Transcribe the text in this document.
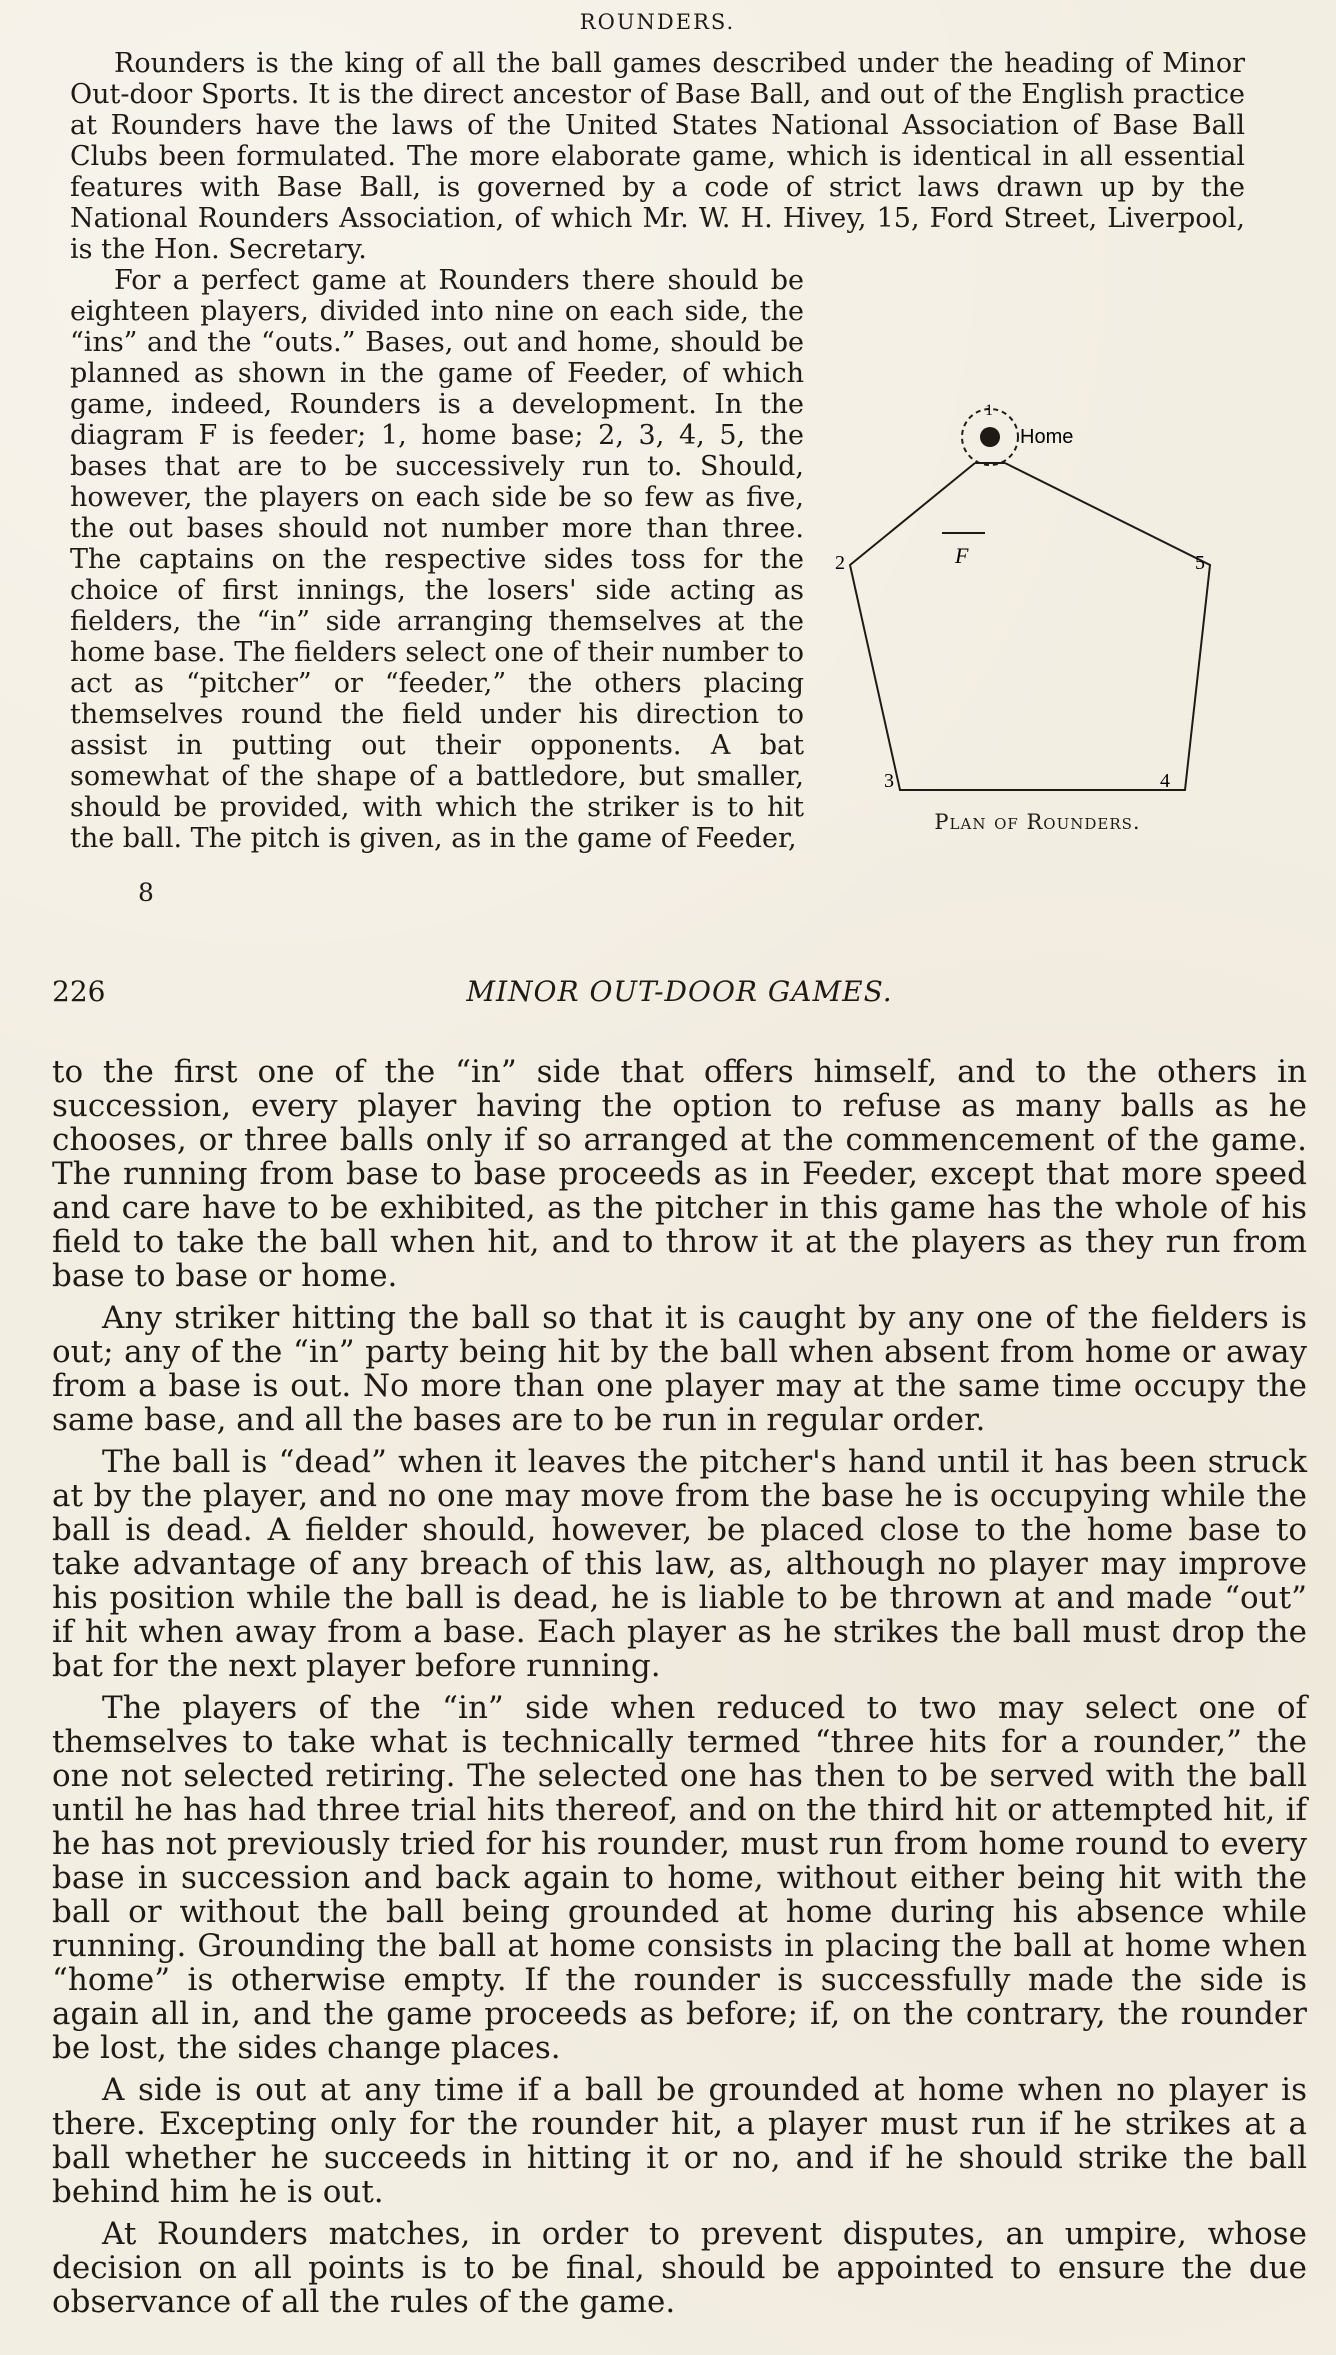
ROUNDERS.

Rounders is the king of all the ball games described under the heading of Minor Out-door Sports. It is the direct ancestor of Base Ball, and out of the English practice at Rounders have the laws of the United States National Association of Base Ball Clubs been formulated. The more elaborate game, which is identical in all essential features with Base Ball, is governed by a code of strict laws drawn up by the National Rounders Association, of which Mr. W. H. Hivey, 15, Ford Street, Liverpool, is the Hon. Secretary.

Home
1
F
2
3	4
5
Plan of Rounders.

For a perfect game at Rounders there should be eighteen players, divided into nine on each side, the “ins” and the “outs.” Bases, out and home, should be planned as shown in the game of Feeder, of which game, indeed, Rounders is a development. In the diagram F is feeder; 1, home base; 2, 3, 4, 5, the bases that are to be successively run to. Should, however, the players on each side be so few as five, the out bases should not number more than three. The captains on the respective sides toss for the choice of first innings, the losers' side acting as fielders, the “in” side arranging themselves at the home base. The fielders select one of their number to act as “pitcher” or “feeder,” the others placing themselves round the field under his direction to assist in putting out their opponents. A bat somewhat of the shape of a battledore, but smaller, should be provided, with which the striker is to hit the ball. The pitch is given, as in the game of Feeder,

8
226	MINOR OUT-DOOR GAMES.

to the first one of the “in” side that offers himself, and to the others in succession, every player having the option to refuse as many balls as he chooses, or three balls only if so arranged at the commencement of the game. The running from base to base proceeds as in Feeder, except that more speed and care have to be exhibited, as the pitcher in this game has the whole of his field to take the ball when hit, and to throw it at the players as they run from base to base or home.

Any striker hitting the ball so that it is caught by any one of the fielders is out; any of the “in” party being hit by the ball when absent from home or away from a base is out. No more than one player may at the same time occupy the same base, and all the bases are to be run in regular order.

The ball is “dead” when it leaves the pitcher's hand until it has been struck at by the player, and no one may move from the base he is occupying while the ball is dead. A fielder should, however, be placed close to the home base to take advantage of any breach of this law, as, although no player may improve his position while the ball is dead, he is liable to be thrown at and made “out” if hit when away from a base. Each player as he strikes the ball must drop the bat for the next player before running.

The players of the “in” side when reduced to two may select one of themselves to take what is technically termed “three hits for a rounder,” the one not selected retiring. The selected one has then to be served with the ball until he has had three trial hits thereof, and on the third hit or attempted hit, if he has not previously tried for his rounder, must run from home round to every base in succession and back again to home, without either being hit with the ball or without the ball being grounded at home during his absence while running. Grounding the ball at home consists in placing the ball at home when “home” is otherwise empty. If the rounder is successfully made the side is again all in, and the game proceeds as before; if, on the contrary, the rounder be lost, the sides change places.

A side is out at any time if a ball be grounded at home when no player is there. Excepting only for the rounder hit, a player must run if he strikes at a ball whether he succeeds in hitting it or no, and if he should strike the ball behind him he is out.

At Rounders matches, in order to prevent disputes, an umpire, whose decision on all points is to be final, should be appointed to ensure the due observance of all the rules of the game.
